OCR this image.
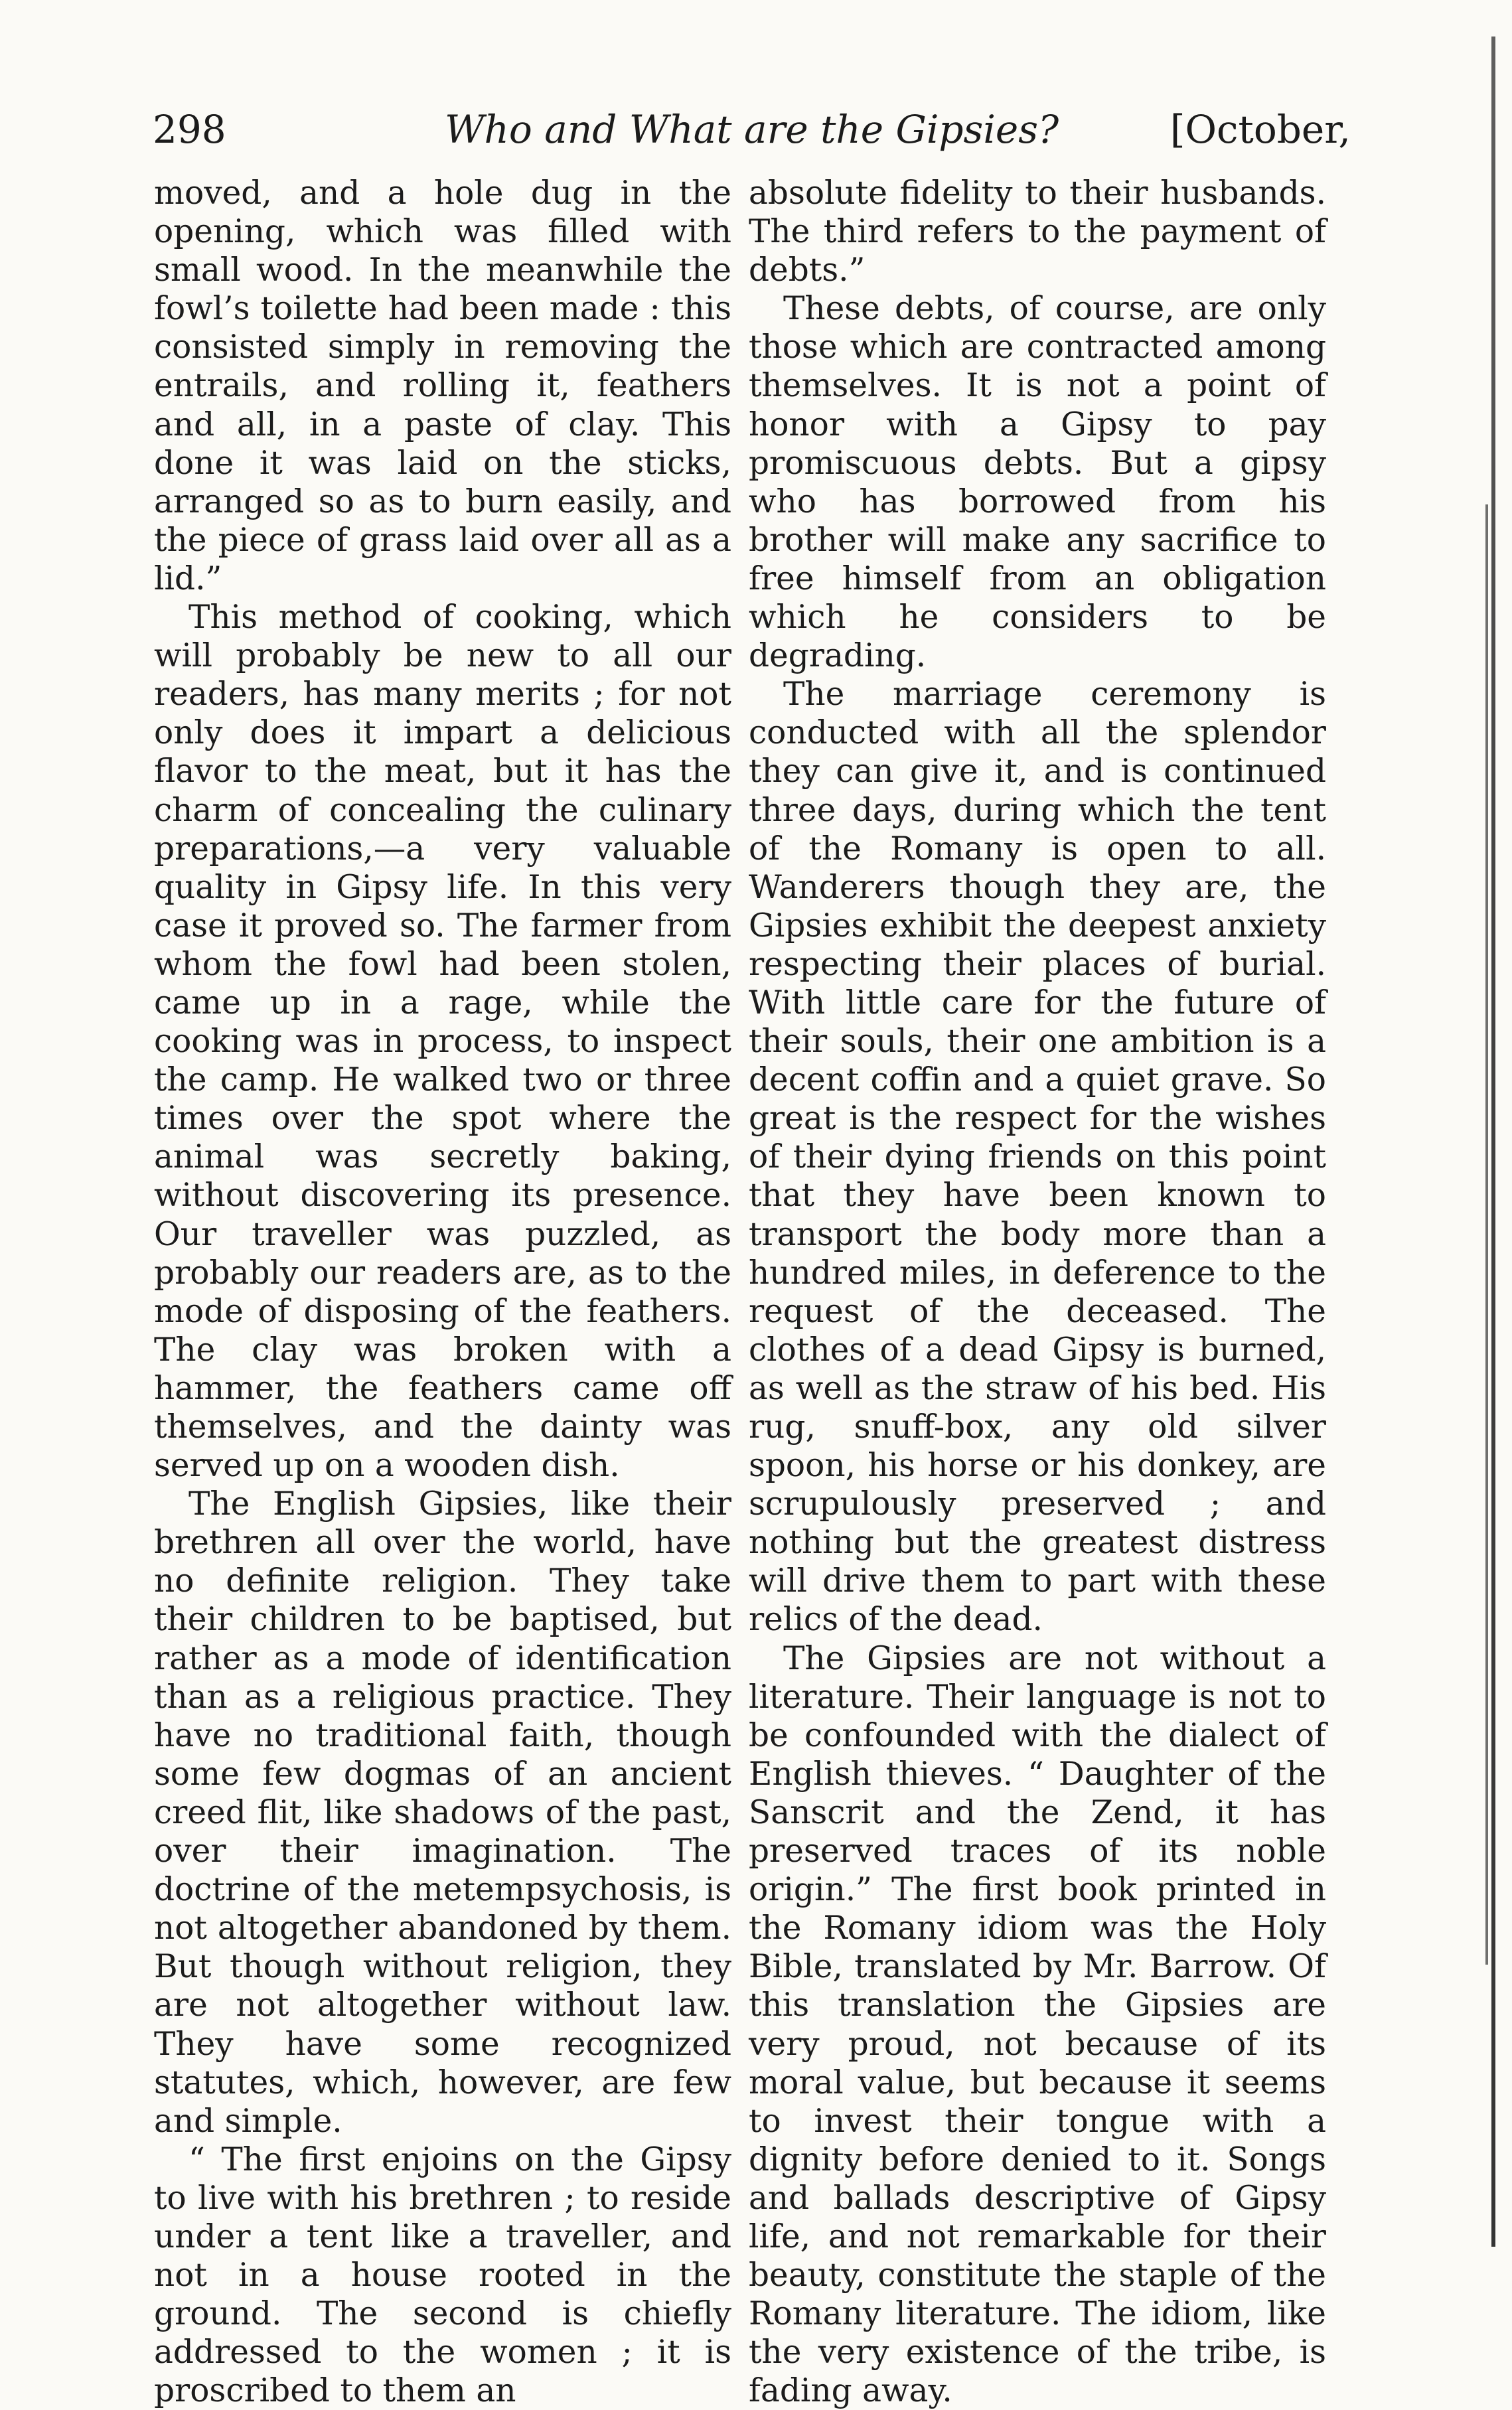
298	Who and What are the Gipsies?	[October,

moved, and a hole dug in the opening, which was filled with small wood. In the meanwhile the fowl’s toilette had been made : this consisted simply in removing the entrails, and rolling it, feathers and all, in a paste of clay. This done it was laid on the sticks, arranged so as to burn easily, and the piece of grass laid over all as a lid.”

This method of cooking, which will probably be new to all our readers, has many merits ; for not only does it impart a delicious flavor to the meat, but it has the charm of concealing the culinary preparations,—a very valuable quality in Gipsy life. In this very case it proved so. The farmer from whom the fowl had been stolen, came up in a rage, while the cooking was in process, to inspect the camp. He walked two or three times over the spot where the animal was secretly baking, without discovering its presence. Our traveller was puzzled, as probably our readers are, as to the mode of disposing of the feathers. The clay was broken with a hammer, the feathers came off themselves, and the dainty was served up on a wooden dish.

The English Gipsies, like their brethren all over the world, have no definite religion. They take their children to be baptised, but rather as a mode of identification than as a religious practice. They have no traditional faith, though some few dogmas of an ancient creed flit, like shadows of the past, over their imagination. The doctrine of the metempsychosis, is not altogether abandoned by them. But though without religion, they are not altogether without law. They have some recognized statutes, which, however, are few and simple.

“ The first enjoins on the Gipsy to live with his brethren ; to reside under a tent like a traveller, and not in a house rooted in the ground. The second is chiefly addressed to the women ; it is proscribed to them an

absolute fidelity to their husbands. The third refers to the payment of debts.”

These debts, of course, are only those which are contracted among themselves. It is not a point of honor with a Gipsy to pay promiscuous debts. But a gipsy who has borrowed from his brother will make any sacrifice to free himself from an obligation which he considers to be degrading.

The marriage ceremony is conducted with all the splendor they can give it, and is continued three days, during which the tent of the Romany is open to all. Wanderers though they are, the Gipsies exhibit the deepest anxiety respecting their places of burial. With little care for the future of their souls, their one ambition is a decent coffin and a quiet grave. So great is the respect for the wishes of their dying friends on this point that they have been known to transport the body more than a hundred miles, in deference to the request of the deceased. The clothes of a dead Gipsy is burned, as well as the straw of his bed. His rug, snuff-box, any old silver spoon, his horse or his donkey, are scrupulously preserved ; and nothing but the greatest distress will drive them to part with these relics of the dead.

The Gipsies are not without a literature. Their language is not to be confounded with the dialect of English thieves. “ Daughter of the Sanscrit and the Zend, it has preserved traces of its noble origin.” The first book printed in the Romany idiom was the Holy Bible, translated by Mr. Barrow. Of this translation the Gipsies are very proud, not because of its moral value, but because it seems to invest their tongue with a dignity before denied to it. Songs and ballads descriptive of Gipsy life, and not remarkable for their beauty, constitute the staple of the Romany literature. The idiom, like the very existence of the tribe, is fading away.
